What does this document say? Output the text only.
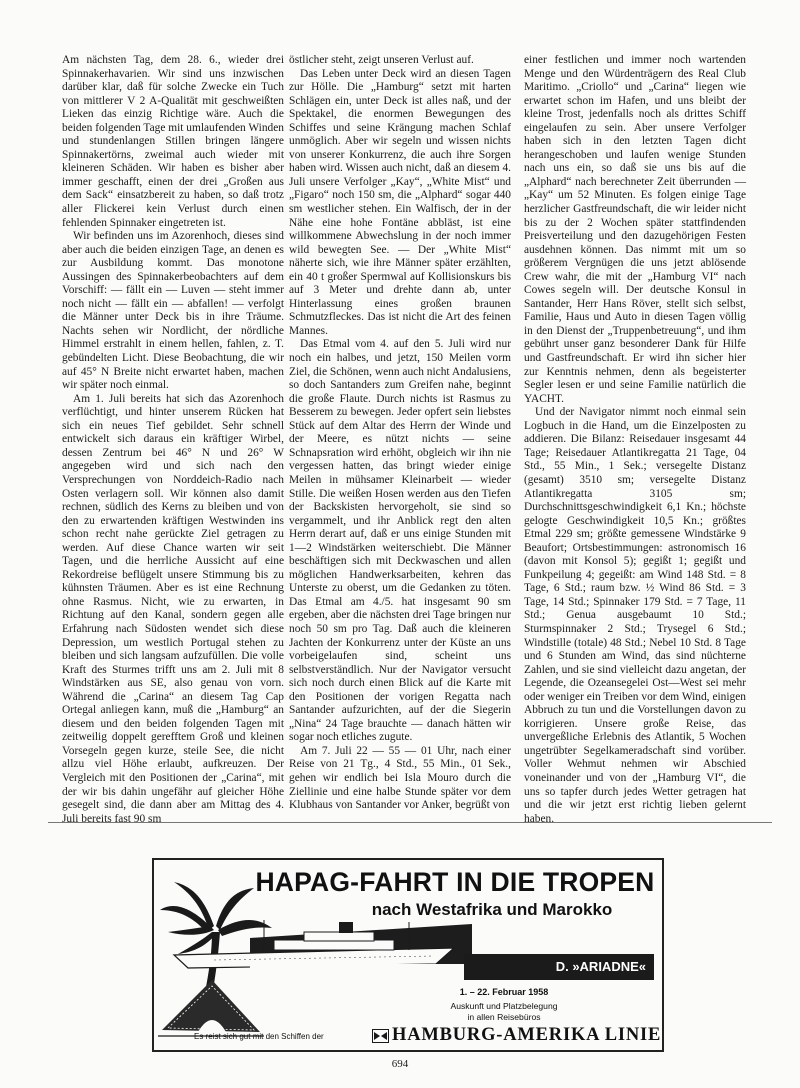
Am nächsten Tag, dem 28. 6., wieder drei Spinnakerhavarien. Wir sind uns inzwischen darüber klar, daß für solche Zwecke ein Tuch von mittlerer V 2 A-Qualität mit geschweißten Lieken das einzig Richtige wäre. Auch die beiden folgenden Tage mit umlaufenden Winden und stundenlangen Stillen bringen längere Spinnakertörns, zweimal auch wieder mit kleineren Schäden. Wir haben es bisher aber immer geschafft, einen der drei „Großen aus dem Sack“ einsatzbereit zu haben, so daß trotz aller Flickerei kein Verlust durch einen fehlenden Spinnaker eingetreten ist.

Wir befinden uns im Azorenhoch, dieses sind aber auch die beiden einzigen Tage, an denen es zur Ausbildung kommt. Das monotone Aussingen des Spinnakerbeobachters auf dem Vorschiff: — fällt ein — Luven — steht immer noch nicht — fällt ein — abfallen! — verfolgt die Männer unter Deck bis in ihre Träume. Nachts sehen wir Nordlicht, der nördliche Himmel erstrahlt in einem hellen, fahlen, z. T. gebündelten Licht. Diese Beobachtung, die wir auf 45° N Breite nicht erwartet haben, machen wir später noch einmal.

Am 1. Juli bereits hat sich das Azorenhoch verflüchtigt, und hinter unserem Rücken hat sich ein neues Tief gebildet. Sehr schnell entwickelt sich daraus ein kräftiger Wirbel, dessen Zentrum bei 46° N und 26° W angegeben wird und sich nach den Versprechungen von Norddeich-Radio nach Osten verlagern soll. Wir können also damit rechnen, südlich des Kerns zu bleiben und von den zu erwartenden kräftigen Westwinden ins schon recht nahe gerückte Ziel getragen zu werden. Auf diese Chance warten wir seit Tagen, und die herrliche Aussicht auf eine Rekordreise beflügelt unsere Stimmung bis zu kühnsten Träumen. Aber es ist eine Rechnung ohne Rasmus. Nicht, wie zu erwarten, in Richtung auf den Kanal, sondern gegen alle Erfahrung nach Südosten wendet sich diese Depression, um westlich Portugal stehen zu bleiben und sich langsam aufzufüllen. Die volle Kraft des Sturmes trifft uns am 2. Juli mit 8 Windstärken aus SE, also genau von vorn. Während die „Carina“ an diesem Tag Cap Ortegal anliegen kann, muß die „Hamburg“ an diesem und den beiden folgenden Tagen mit zeitweilig doppelt gerefftem Groß und kleinen Vorsegeln gegen kurze, steile See, die nicht allzu viel Höhe erlaubt, aufkreuzen. Der Vergleich mit den Positionen der „Carina“, mit der wir bis dahin ungefähr auf gleicher Höhe gesegelt sind, die dann aber am Mittag des 4. Juli bereits fast 90 sm

östlicher steht, zeigt unseren Verlust auf.

Das Leben unter Deck wird an diesen Tagen zur Hölle. Die „Hamburg“ setzt mit harten Schlägen ein, unter Deck ist alles naß, und der Spektakel, die enormen Bewegungen des Schiffes und seine Krängung machen Schlaf unmöglich. Aber wir segeln und wissen nichts von unserer Konkurrenz, die auch ihre Sorgen haben wird. Wissen auch nicht, daß an diesem 4. Juli unsere Verfolger „Kay“, „White Mist“ und „Figaro“ noch 150 sm, die „Alphard“ sogar 440 sm westlicher stehen. Ein Walfisch, der in der Nähe eine hohe Fontäne abbläst, ist eine willkommene Abwechslung in der noch immer wild bewegten See. — Der „White Mist“ näherte sich, wie ihre Männer später erzählten, ein 40 t großer Spermwal auf Kollisionskurs bis auf 3 Meter und drehte dann ab, unter Hinterlassung eines großen braunen Schmutzfleckes. Das ist nicht die Art des feinen Mannes.

Das Etmal vom 4. auf den 5. Juli wird nur noch ein halbes, und jetzt, 150 Meilen vorm Ziel, die Schönen, wenn auch nicht Andalusiens, so doch Santanders zum Greifen nahe, beginnt die große Flaute. Durch nichts ist Rasmus zu Besserem zu bewegen. Jeder opfert sein liebstes Stück auf dem Altar des Herrn der Winde und der Meere, es nützt nichts — seine Schnapsration wird erhöht, obgleich wir ihn nie vergessen hatten, das bringt wieder einige Meilen in mühsamer Kleinarbeit — wieder Stille. Die weißen Hosen werden aus den Tiefen der Backskisten hervorgeholt, sie sind so vergammelt, und ihr Anblick regt den alten Herrn derart auf, daß er uns einige Stunden mit 1—2 Windstärken weiterschiebt. Die Männer beschäftigen sich mit Deckwaschen und allen möglichen Handwerksarbeiten, kehren das Unterste zu oberst, um die Gedanken zu töten. Das Etmal am 4./5. hat insgesamt 90 sm ergeben, aber die nächsten drei Tage bringen nur noch 50 sm pro Tag. Daß auch die kleineren Jachten der Konkurrenz unter der Küste an uns vorbeigelaufen sind, scheint uns selbstverständlich. Nur der Navigator versucht sich noch durch einen Blick auf die Karte mit den Positionen der vorigen Regatta nach Santander aufzurichten, auf der die Siegerin „Nina“ 24 Tage brauchte — danach hätten wir sogar noch etliches zugute.

Am 7. Juli 22 — 55 — 01 Uhr, nach einer Reise von 21 Tg., 4 Std., 55 Min., 01 Sek., gehen wir endlich bei Isla Mouro durch die Ziellinie und eine halbe Stunde später vor dem Klubhaus von Santander vor Anker, begrüßt von

einer festlichen und immer noch wartenden Menge und den Würdenträgern des Real Club Maritimo. „Criollo“ und „Carina“ liegen wie erwartet schon im Hafen, und uns bleibt der kleine Trost, jedenfalls noch als drittes Schiff eingelaufen zu sein. Aber unsere Verfolger haben sich in den letzten Tagen dicht herangeschoben und laufen wenige Stunden nach uns ein, so daß sie uns bis auf die „Alphard“ nach berechneter Zeit überrunden — „Kay“ um 52 Minuten. Es folgen einige Tage herzlicher Gastfreundschaft, die wir leider nicht bis zu der 2 Wochen später stattfindenden Preisverteilung und den dazugehörigen Festen ausdehnen können. Das nimmt mit um so größerem Vergnügen die uns jetzt ablösende Crew wahr, die mit der „Hamburg VI“ nach Cowes segeln will. Der deutsche Konsul in Santander, Herr Hans Röver, stellt sich selbst, Familie, Haus und Auto in diesen Tagen völlig in den Dienst der „Truppenbetreuung“, und ihm gebührt unser ganz besonderer Dank für Hilfe und Gastfreundschaft. Er wird ihn sicher hier zur Kenntnis nehmen, denn als begeisterter Segler lesen er und seine Familie natürlich die YACHT.

Und der Navigator nimmt noch einmal sein Logbuch in die Hand, um die Einzelposten zu addieren. Die Bilanz: Reisedauer insgesamt 44 Tage; Reisedauer Atlantikregatta 21 Tage, 04 Std., 55 Min., 1 Sek.; versegelte Distanz (gesamt) 3510 sm; versegelte Distanz Atlantikregatta 3105 sm; Durchschnittsgeschwindigkeit 6,1 Kn.; höchste gelogte Geschwindigkeit 10,5 Kn.; größtes Etmal 229 sm; größte gemessene Windstärke 9 Beaufort; Ortsbestimmungen: astronomisch 16 (davon mit Konsol 5); gegißt 1; gegißt und Funkpeilung 4; gegeißt: am Wind 148 Std. = 8 Tage, 6 Std.; raum bzw. ½ Wind 86 Std. = 3 Tage, 14 Std.; Spinnaker 179 Std. = 7 Tage, 11 Std.; Genua ausgebaumt 10 Std.; Sturmspinnaker 2 Std.; Trysegel 6 Std.; Windstille (totale) 48 Std.; Nebel 10 Std. 8 Tage und 6 Stunden am Wind, das sind nüchterne Zahlen, und sie sind vielleicht dazu angetan, der Legende, die Ozeansegelei Ost—West sei mehr oder weniger ein Treiben vor dem Wind, einigen Abbruch zu tun und die Vorstellungen davon zu korrigieren. Unsere große Reise, das unvergeßliche Erlebnis des Atlantik, 5 Wochen ungetrübter Segelkameradschaft sind vorüber. Voller Wehmut nehmen wir Abschied voneinander und von der „Hamburg VI“, die uns so tapfer durch jedes Wetter getragen hat und die wir jetzt erst richtig lieben gelernt haben.

HAPAG-FAHRT IN DIE TROPEN
nach Westafrika und Marokko
D. »ARIADNE«
1. – 22. Februar 1958
Auskunft und Platzbelegung
in allen Reisebüros
Es reist sich gut mit den Schiffen der	HAMBURG-AMERIKA LINIE
694
